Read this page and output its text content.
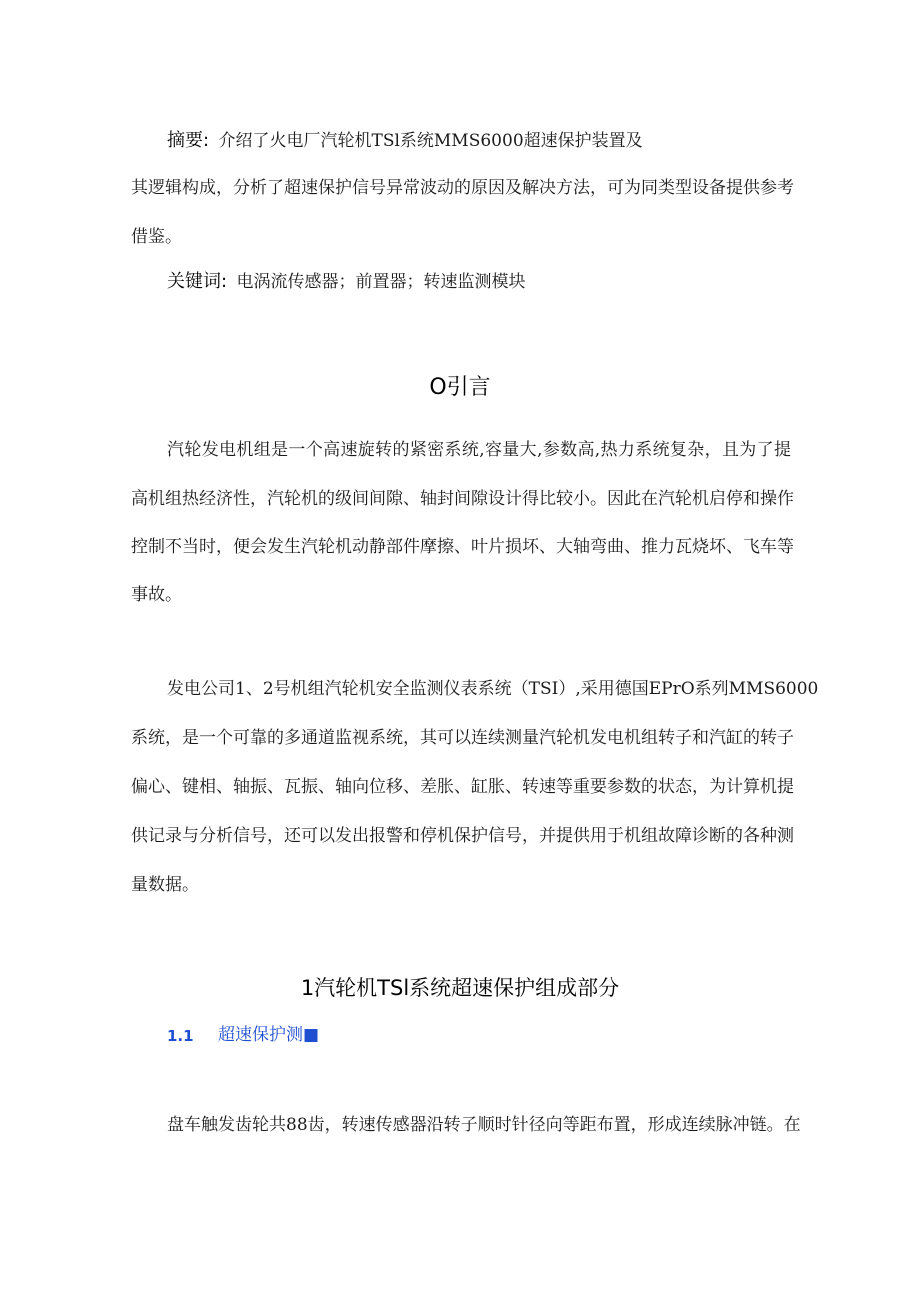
摘要: 介绍了火电厂汽轮机TSl系统MMS6000超速保护装置及
其逻辑构成，分析了超速保护信号异常波动的原因及解决方法，可为同类型设备提供参考
借鉴。
关键词: 电涡流传感器；前置器；转速监测模块
O引言
汽轮发电机组是一个高速旋转的紧密系统,容量大,参数高,热力系统复杂，且为了提
高机组热经济性，汽轮机的级间间隙、轴封间隙设计得比较小。因此在汽轮机启停和操作
控制不当时，便会发生汽轮机动静部件摩擦、叶片损坏、大轴弯曲、推力瓦烧坏、飞车等
事故。
发电公司1、2号机组汽轮机安全监测仪表系统（TSI）,采用德国EPrO系列MMS6000
系统，是一个可靠的多通道监视系统，其可以连续测量汽轮机发电机组转子和汽缸的转子
偏心、键相、轴振、瓦振、轴向位移、差胀、缸胀、转速等重要参数的状态，为计算机提
供记录与分析信号，还可以发出报警和停机保护信号，并提供用于机组故障诊断的各种测
量数据。
1汽轮机TSl系统超速保护组成部分
1.1 超速保护测■
盘车触发齿轮共88齿，转速传感器沿转子顺时针径向等距布置，形成连续脉冲链。在
